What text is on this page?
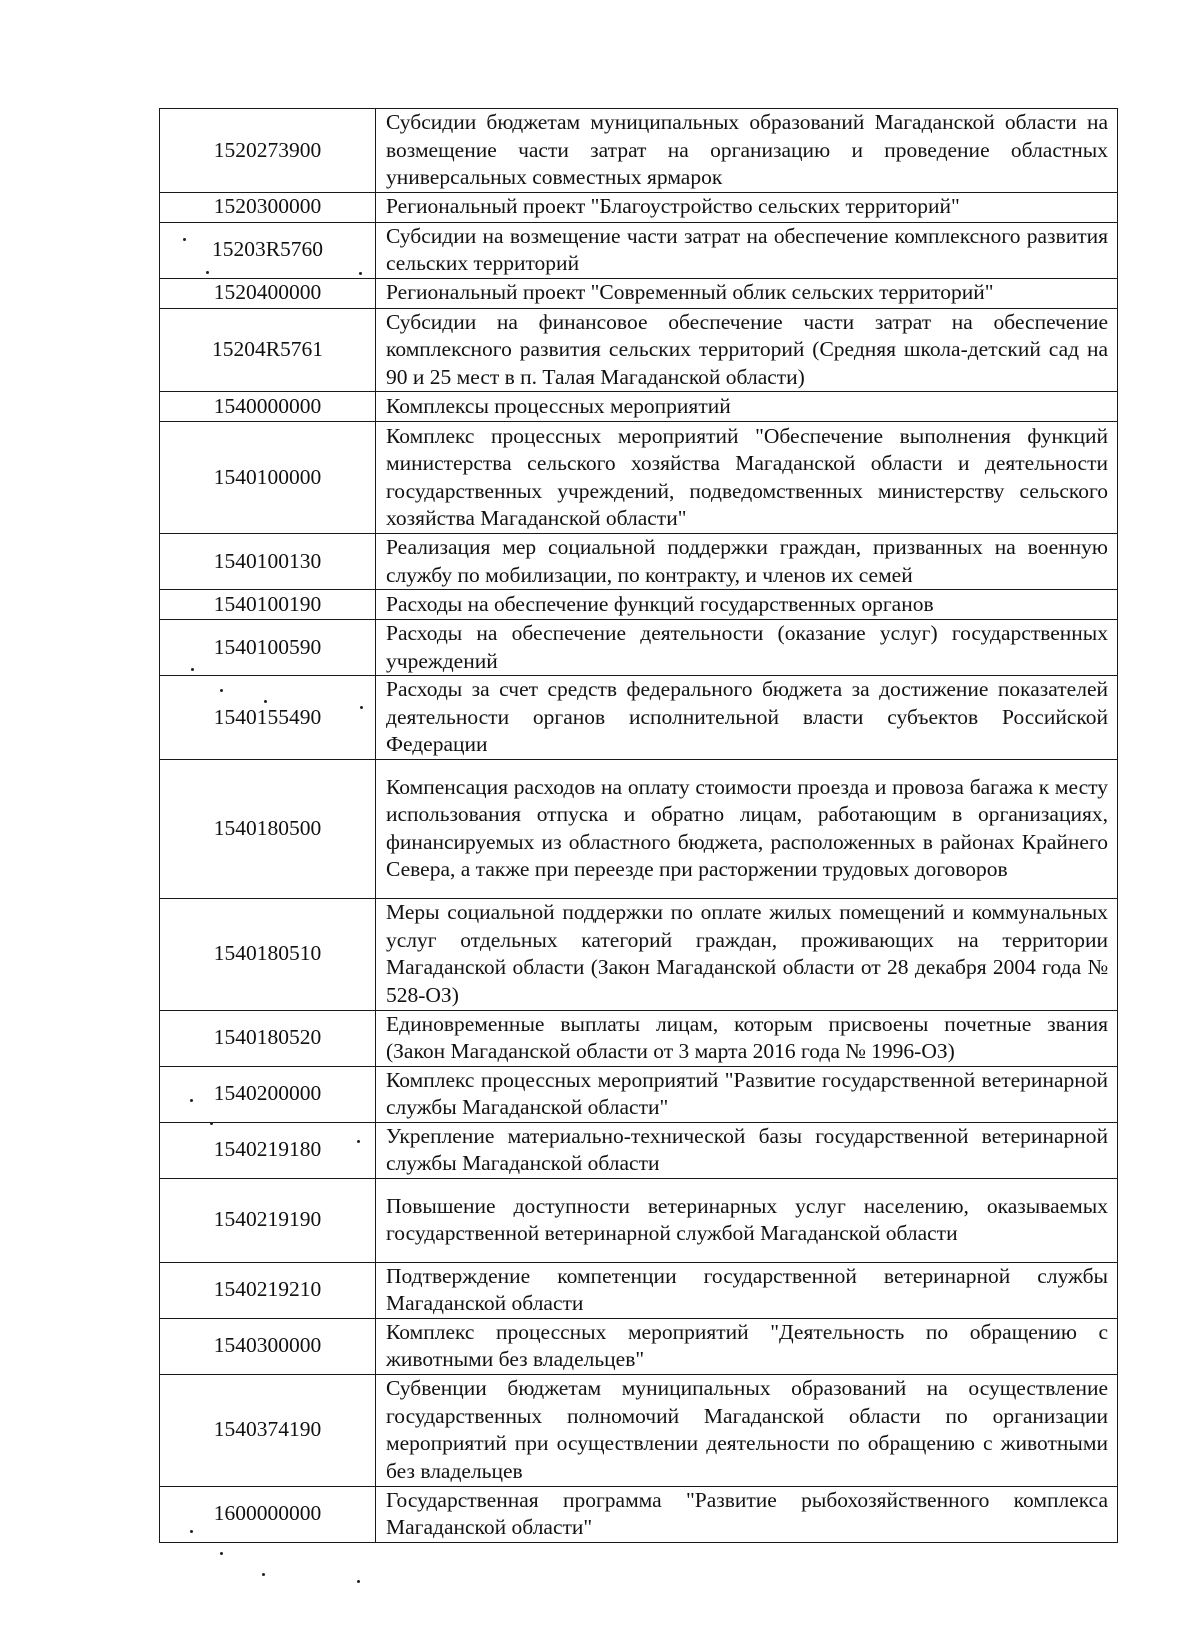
1520273900	Субсидии бюджетам муниципальных образований Магаданской области на возмещение части затрат на организацию и проведение областных универсальных совместных ярмарок
1520300000	Региональный проект "Благоустройство сельских территорий"
15203R5760	Субсидии на возмещение части затрат на обеспечение комплексного развития сельских территорий
1520400000	Региональный проект "Современный облик сельских территорий"
15204R5761	Субсидии на финансовое обеспечение части затрат на обеспечение комплексного развития сельских территорий (Средняя школа-детский сад на 90 и 25 мест в п. Талая Магаданской области)
1540000000	Комплексы процессных мероприятий
1540100000	Комплекс процессных мероприятий "Обеспечение выполнения функций министерства сельского хозяйства Магаданской области и деятельности государственных учреждений, подведомственных министерству сельского хозяйства Магаданской области"
1540100130	Реализация мер социальной поддержки граждан, призванных на военную службу по мобилизации, по контракту, и членов их семей
1540100190	Расходы на обеспечение функций государственных органов
1540100590	Расходы на обеспечение деятельности (оказание услуг) государственных учреждений
1540155490	Расходы за счет средств федерального бюджета за достижение показателей деятельности органов исполнительной власти субъектов Российской Федерации
1540180500	Компенсация расходов на оплату стоимости проезда и провоза багажа к месту использования отпуска и обратно лицам, работающим в организациях, финансируемых из областного бюджета, расположенных в районах Крайнего Севера, а также при переезде при расторжении трудовых договоров
1540180510	Меры социальной поддержки по оплате жилых помещений и коммунальных услуг отдельных категорий граждан, проживающих на территории Магаданской области (Закон Магаданской области от 28 декабря 2004 года № 528-ОЗ)
1540180520	Единовременные выплаты лицам, которым присвоены почетные звания (Закон Магаданской области от 3 марта 2016 года № 1996-ОЗ)
1540200000	Комплекс процессных мероприятий "Развитие государственной ветеринарной службы Магаданской области"
1540219180	Укрепление материально-технической базы государственной ветеринарной службы Магаданской области
1540219190	Повышение доступности ветеринарных услуг населению, оказываемых государственной ветеринарной службой Магаданской области
1540219210	Подтверждение компетенции государственной ветеринарной службы Магаданской области
1540300000	Комплекс процессных мероприятий "Деятельность по обращению с животными без владельцев"
1540374190	Субвенции бюджетам муниципальных образований на осуществление государственных полномочий Магаданской области по организации мероприятий при осуществлении деятельности по обращению с животными без владельцев
1600000000	Государственная программа "Развитие рыбохозяйственного комплекса Магаданской области"
